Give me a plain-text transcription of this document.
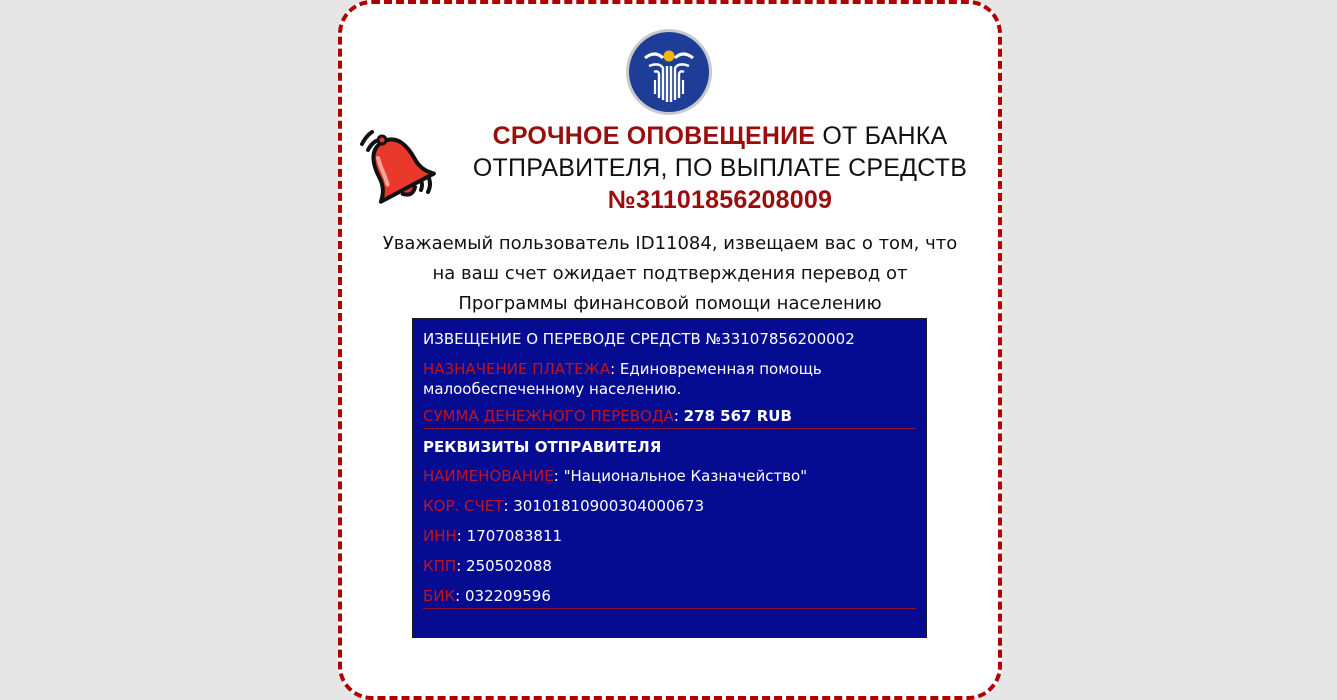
СРОЧНОЕ ОПОВЕЩЕНИЕ ОТ БАНКА
ОТПРАВИТЕЛЯ, ПО ВЫПЛАТЕ СРЕДСТВ
№31101856208009
Уважаемый пользователь ID11084, извещаем вас о том, что
на ваш счет ожидает подтверждения перевод от
Программы финансовой помощи населению
ИЗВЕЩЕНИЕ О ПЕРЕВОДЕ СРЕДСТВ №33107856200002
НАЗНАЧЕНИЕ ПЛАТЕЖА: Единовременная помощь
малообеспеченному населению.
СУММА ДЕНЕЖНОГО ПЕРЕВОДА: 278 567 RUB
РЕКВИЗИТЫ ОТПРАВИТЕЛЯ
НАИМЕНОВАНИЕ: "Национальное Казначейство"
КОР. СЧЕТ: 30101810900304000673
ИНН: 1707083811
КПП: 250502088
БИК: 032209596
